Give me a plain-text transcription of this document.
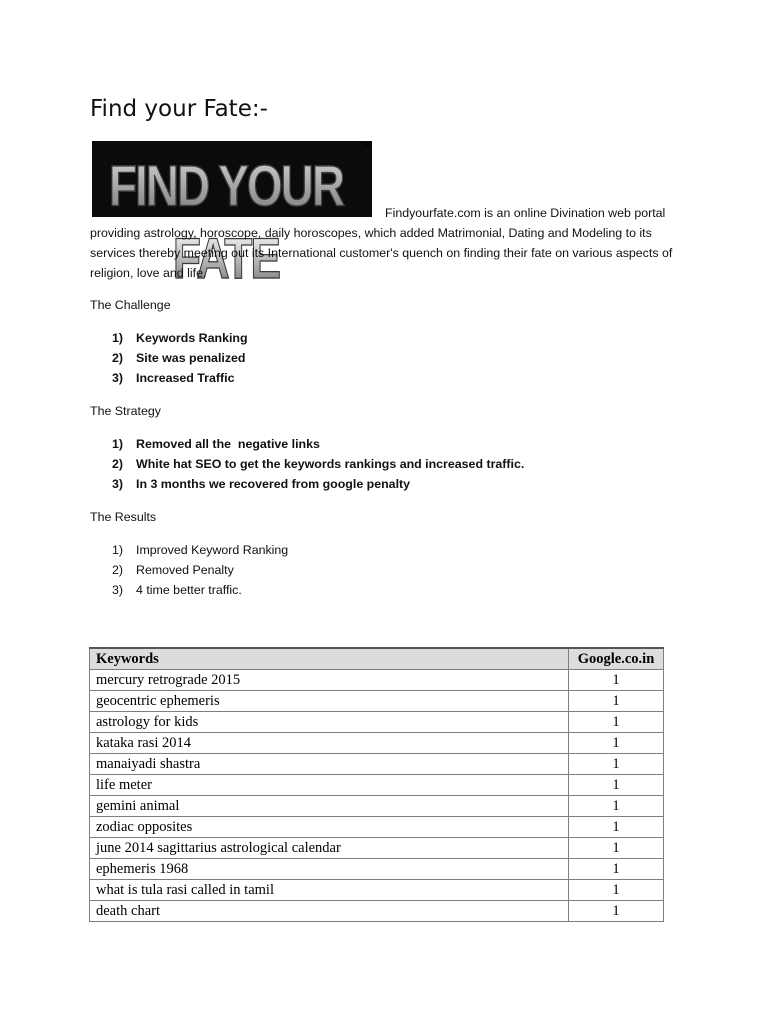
Find your Fate:-
FIND YOUR FATE
TM

Findyourfate.com is an online Divination web portal providing astrology, horoscope, daily horoscopes, which added Matrimonial, Dating and Modeling to its services thereby meeting out its International customer's quench on finding their fate on various aspects of religion, love and life.

The Challenge

1)	Keywords Ranking
2)	Site was penalized
3)	Increased Traffic

The Strategy

1)	Removed all the  negative links
2)	White hat SEO to get the keywords rankings and increased traffic.
3)	In 3 months we recovered from google penalty

The Results

1)	Improved Keyword Ranking
2)	Removed Penalty
3)	4 time better traffic.
Keywords	Google.co.in
mercury retrograde 2015	1
geocentric ephemeris	1
astrology for kids	1
kataka rasi 2014	1
manaiyadi shastra	1
life meter	1
gemini animal	1
zodiac opposites	1
june 2014 sagittarius astrological calendar	1
ephemeris 1968	1
what is tula rasi called in tamil	1
death chart	1
